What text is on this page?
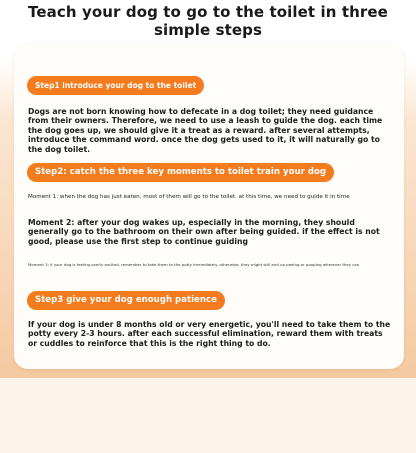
Teach your dog to go to the toilet in three simple steps
Step1 introduce your dog to the toilet

Dogs are not born knowing how to defecate in a dog toilet; they need guidance from their owners. Therefore, we need to use a leash to guide the dog. each time the dog goes up, we should give it a treat as a reward. after several attempts, introduce the command word. once the dog gets used to it, it will naturally go to the dog toilet.

Step2: catch the three key moments to toilet train your dog

Moment 1: when the dog has just eaten, most of them will go to the toilet. at this time, we need to guide it in time

Moment 2: after your dog wakes up, especially in the morning, they should generally go to the bathroom on their own after being guided. if the effect is not good, please use the first step to continue guiding

Moment 3: if your dog is feeling overly excited, remember to take them to the potty immediately. otherwise, they might still end up peeing or pooping wherever they can

Step3 give your dog enough patience

If your dog is under 8 months old or very energetic, you'll need to take them to the potty every 2-3 hours. after each successful elimination, reward them with treats or cuddles to reinforce that this is the right thing to do.
